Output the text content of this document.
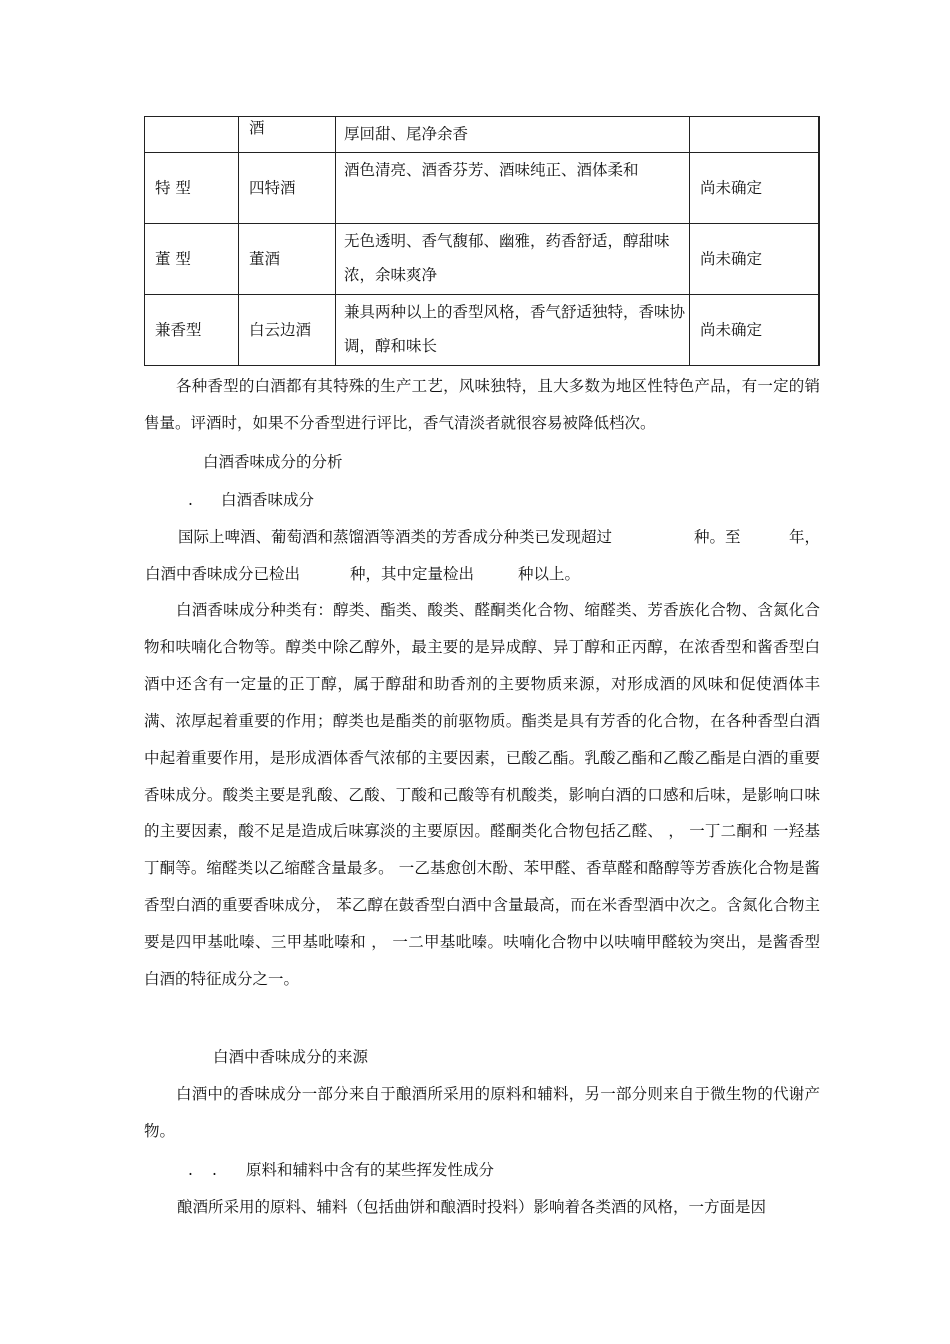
	酒	厚回甜、尾净余香	
特 型	四特酒	酒色清亮、酒香芬芳、酒味纯正、酒体柔和	尚未确定
董 型	董酒	无色透明、香气馥郁、幽雅，药香舒适，醇甜味浓，余味爽净	尚未确定
兼香型	白云边酒	兼具两种以上的香型风格，香气舒适独特，香味协调，醇和味长	尚未确定

各种香型的白酒都有其特殊的生产工艺，风味独特，且大多数为地区性特色产品，有一定的销售量。评酒时，如果不分香型进行评比，香气清淡者就很容易被降低档次。

白酒香味成分的分析
. 白酒香味成分
国际上啤酒、葡萄酒和蒸馏酒等酒类的芳香成分种类已发现超过	种。至	年，
白酒中香味成分已检出	种，其中定量检出	种以上。

白酒香味成分种类有：醇类、酯类、酸类、醛酮类化合物、缩醛类、芳香族化合物、含氮化合物和呋喃化合物等。醇类中除乙醇外，最主要的是异成醇、异丁醇和正丙醇，在浓香型和酱香型白酒中还含有一定量的正丁醇，属于醇甜和助香剂的主要物质来源，对形成酒的风味和促使酒体丰满、浓厚起着重要的作用；醇类也是酯类的前驱物质。酯类是具有芳香的化合物，在各种香型白酒中起着重要作用，是形成酒体香气浓郁的主要因素，已酸乙酯。乳酸乙酯和乙酸乙酯是白酒的重要香味成分。酸类主要是乳酸、乙酸、丁酸和己酸等有机酸类，影响白酒的口感和后味，是影响口味的主要因素，酸不足是造成后味寡淡的主要原因。醛酮类化合物包括乙醛、 ， 一丁二酮和 一羟基丁酮等。缩醛类以乙缩醛含量最多。 一乙基愈创木酚、苯甲醛、香草醛和酪醇等芳香族化合物是酱香型白酒的重要香味成分， 苯乙醇在鼓香型白酒中含量最高，而在米香型酒中次之。含氮化合物主要是四甲基吡嗪、三甲基吡嗪和 ， 一二甲基吡嗪。呋喃化合物中以呋喃甲醛较为突出，是酱香型白酒的特征成分之一。

白酒中香味成分的来源

白酒中的香味成分一部分来自于酿酒所采用的原料和辅料，另一部分则来自于微生物的代谢产物。

. . 原料和辅料中含有的某些挥发性成分
酿酒所采用的原料、辅料（包括曲饼和酿酒时投料）影响着各类酒的风格，一方面是因
